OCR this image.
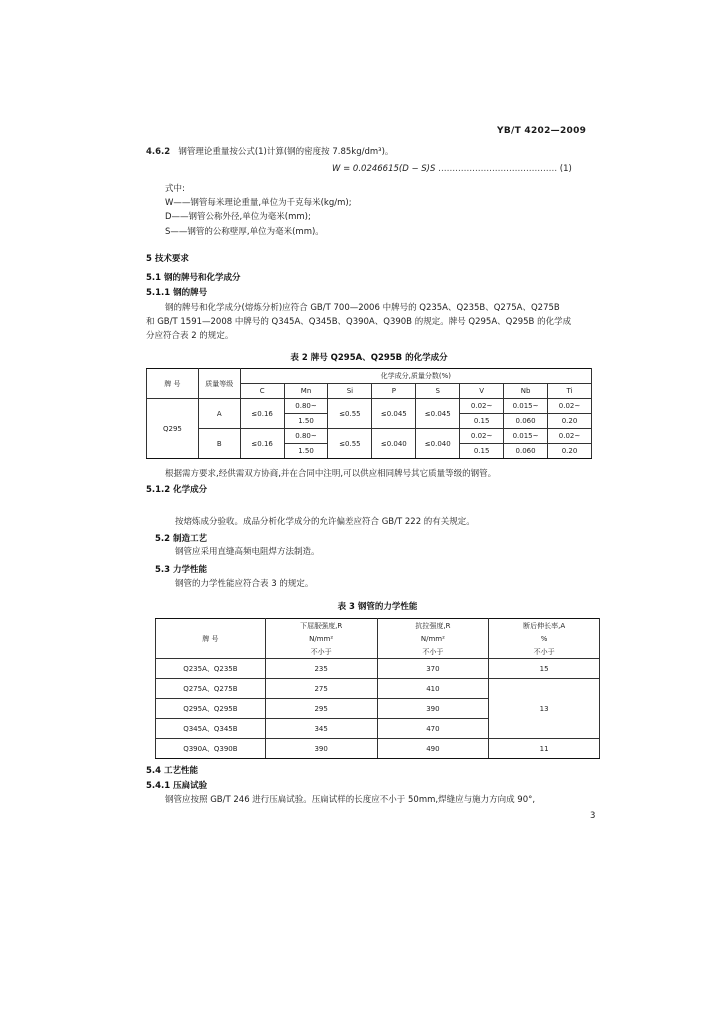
YB/T 4202—2009
4.6.2 钢管理论重量按公式(1)计算(钢的密度按 7.85kg/dm³)。
W = 0.0246615(D − S)S …………………………………… (1)
式中:
W——钢管每米理论重量,单位为千克每米(kg/m);
D——钢管公称外径,单位为毫米(mm);
S——钢管的公称壁厚,单位为毫米(mm)。
5 技术要求
5.1 钢的牌号和化学成分
5.1.1 钢的牌号
钢的牌号和化学成分(熔炼分析)应符合 GB/T 700—2006 中牌号的 Q235A、Q235B、Q275A、Q275B
和 GB/T 1591—2008 中牌号的 Q345A、Q345B、Q390A、Q390B 的规定。牌号 Q295A、Q295B 的化学成
分应符合表 2 的规定。
表 2 牌号 Q295A、Q295B 的化学成分
牌 号	质量等级	化学成分,质量分数(%)							
		C	Mn	Si	P	S	V	Nb	Ti
Q295	A	≤0.16	0.80~	≤0.55	≤0.045	≤0.045	0.02~	0.015~	0.02~
			1.50				0.15	0.060	0.20
	B	≤0.16	0.80~	≤0.55	≤0.040	≤0.040	0.02~	0.015~	0.02~
			1.50				0.15	0.060	0.20
根据需方要求,经供需双方协商,并在合同中注明,可以供应相同牌号其它质量等级的钢管。
5.1.2 化学成分
按熔炼成分验收。成品分析化学成分的允许偏差应符合 GB/T 222 的有关规定。
5.2 制造工艺
钢管应采用直缝高频电阻焊方法制造。
5.3 力学性能
钢管的力学性能应符合表 3 的规定。
表 3 钢管的力学性能
牌 号	下屈服强度,R	抗拉强度,R	断后伸长率,A
	N/mm²	N/mm²	%
	不小于	不小于	不小于
Q235A、Q235B	235	370	15
Q275A、Q275B	275	410	13
Q295A、Q295B	295	390	
Q345A、Q345B	345	470	
Q390A、Q390B	390	490	11
5.4 工艺性能
5.4.1 压扁试验
钢管应按照 GB/T 246 进行压扁试验。压扁试样的长度应不小于 50mm,焊缝应与施力方向成 90°,
3
